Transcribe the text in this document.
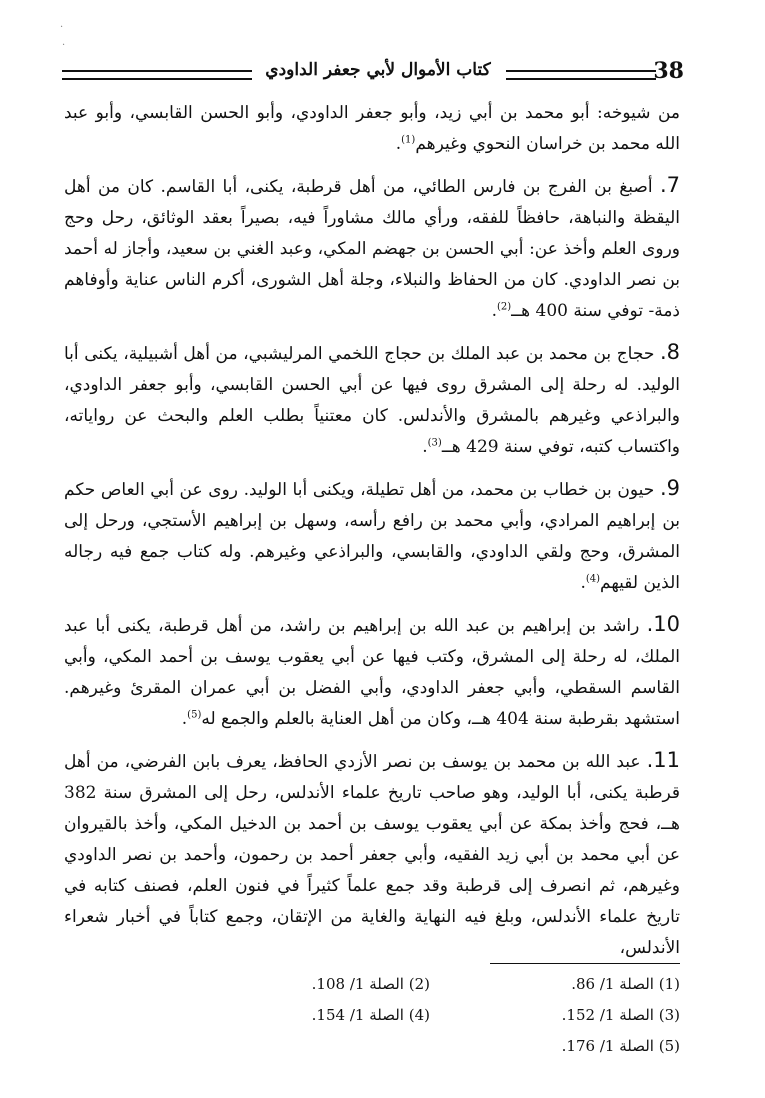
·
·
كتاب الأموال لأبي جعفر الداودي	38

من شيوخه: أبو محمد بن أبي زيد، وأبو جعفر الداودي، وأبو الحسن القابسي، وأبو عبد الله محمد بن خراسان النحوي وغيرهم$^{(1)}$.

7. أصبغ بن الفرج بن فارس الطائي، من أهل قرطبة، يكنى، أبا القاسم. كان من أهل اليقظة والنباهة، حافظاً للفقه، ورأي مالك مشاوراً فيه، بصيراً بعقد الوثائق، رحل وحج وروى العلم وأخذ عن: أبي الحسن بن جهضم المكي، وعبد الغني بن سعيد، وأجاز له أحمد بن نصر الداودي. كان من الحفاظ والنبلاء، وجلة أهل الشورى، أكرم الناس عناية وأوفاهم ذمة- توفي سنة 400 هــ$^{(2)}$.

8. حجاج بن محمد بن عبد الملك بن حجاج اللخمي المرليشبي، من أهل أشبيلية، يكنى أبا الوليد. له رحلة إلى المشرق روى فيها عن أبي الحسن القابسي، وأبو جعفر الداودي، والبراذعي وغيرهم بالمشرق والأندلس. كان معتنياً بطلب العلم والبحث عن رواياته، واكتساب كتبه، توفي سنة 429 هــ$^{(3)}$.

9. حيون بن خطاب بن محمد، من أهل تطيلة، ويكنى أبا الوليد. روى عن أبي العاص حكم بن إبراهيم المرادي، وأبي محمد بن رافع رأسه، وسهل بن إبراهيم الأستجي، ورحل إلى المشرق، وحج ولقي الداودي، والقابسي، والبراذعي وغيرهم. وله كتاب جمع فيه رجاله الذين لقيهم$^{(4)}$.

10. راشد بن إبراهيم بن عبد الله بن إبراهيم بن راشد، من أهل قرطبة، يكنى أبا عبد الملك، له رحلة إلى المشرق، وكتب فيها عن أبي يعقوب يوسف بن أحمد المكي، وأبي القاسم السقطي، وأبي جعفر الداودي، وأبي الفضل بن أبي عمران المقرئ وغيرهم. استشهد بقرطبة سنة 404 هــ، وكان من أهل العناية بالعلم والجمع له$^{(5)}$.

11. عبد الله بن محمد بن يوسف بن نصر الأزدي الحافظ، يعرف بابن الفرضي، من أهل قرطبة يكنى، أبا الوليد، وهو صاحب تاريخ علماء الأندلس، رحل إلى المشرق سنة 382 هــ، فحج وأخذ بمكة عن أبي يعقوب يوسف بن أحمد بن الدخيل المكي، وأخذ بالقيروان عن أبي محمد بن أبي زيد الفقيه، وأبي جعفر أحمد بن رحمون، وأحمد بن نصر الداودي وغيرهم، ثم انصرف إلى قرطبة وقد جمع علماً كثيراً في فنون العلم، فصنف كتابه في تاريخ علماء الأندلس، وبلغ فيه النهاية والغاية من الإتقان، وجمع كتاباً في أخبار شعراء الأندلس،

(1) الصلة 1/ 86.
(2) الصلة 1/ 108.
(3) الصلة 1/ 152.
(4) الصلة 1/ 154.
(5) الصلة 1/ 176.
